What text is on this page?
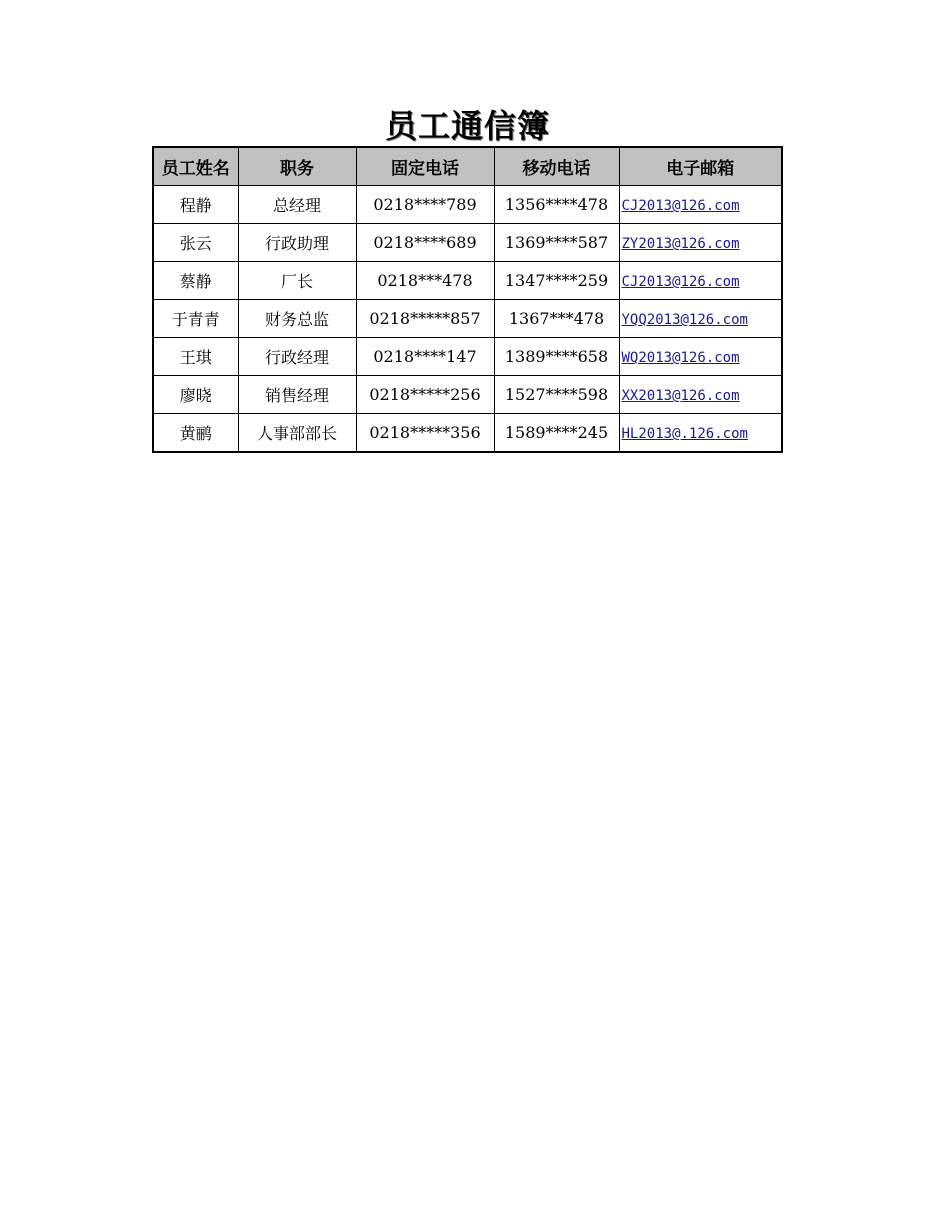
员工通信簿
员工姓名	职务	固定电话	移动电话	电子邮箱
程静	总经理	0218****789	1356****478	CJ2013@126.com
张云	行政助理	0218****689	1369****587	ZY2013@126.com
蔡静	厂长	0218***478	1347****259	CJ2013@126.com
于青青	财务总监	0218*****857	1367***478	YQQ2013@126.com
王琪	行政经理	0218****147	1389****658	WQ2013@126.com
廖晓	销售经理	0218*****256	1527****598	XX2013@126.com
黄鹂	人事部部长	0218*****356	1589****245	HL2013@.126.com
